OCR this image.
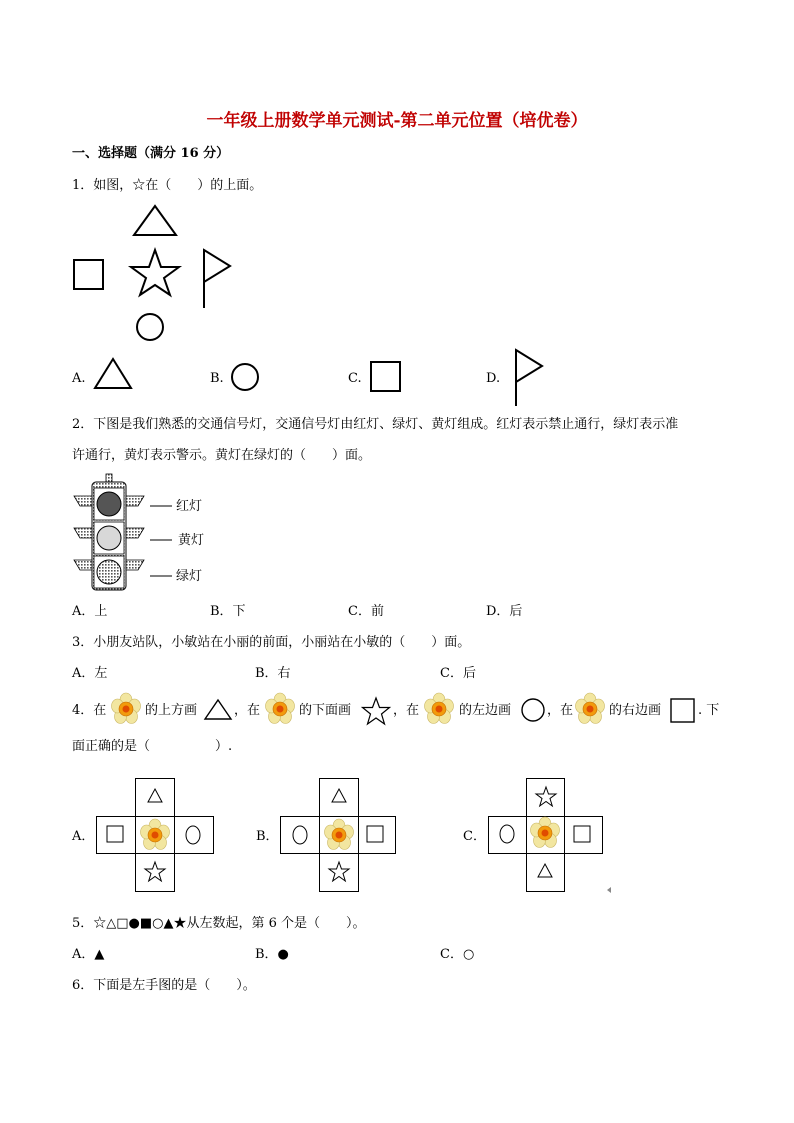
一年级上册数学单元测试-第二单元位置（培优卷）
一、选择题（满分 16 分）
1．如图，☆在（　　）的上面。
A.	B.	C.	D.
2．下图是我们熟悉的交通信号灯，交通信号灯由红灯、绿灯、黄灯组成。红灯表示禁止通行，绿灯表示准
许通行，黄灯表示警示。黄灯在绿灯的（　　）面。
红灯
黄灯
绿灯
A．上	B．下	C．前	D．后
3．小朋友站队，小敏站在小丽的前面，小丽站在小敏的（　　）面。
A．左	B．右	C．后
4．在	的上方画	，在	的下面画	，在	的左边画	，在	的右边画	. 下
面正确的是（　　　　　）.
A．	B．	C．
5．☆△□●■○▲★从左数起，第 6 个是（　　）。
A．▲	B．●	C．○
6．下面是左手图的是（　　）。
